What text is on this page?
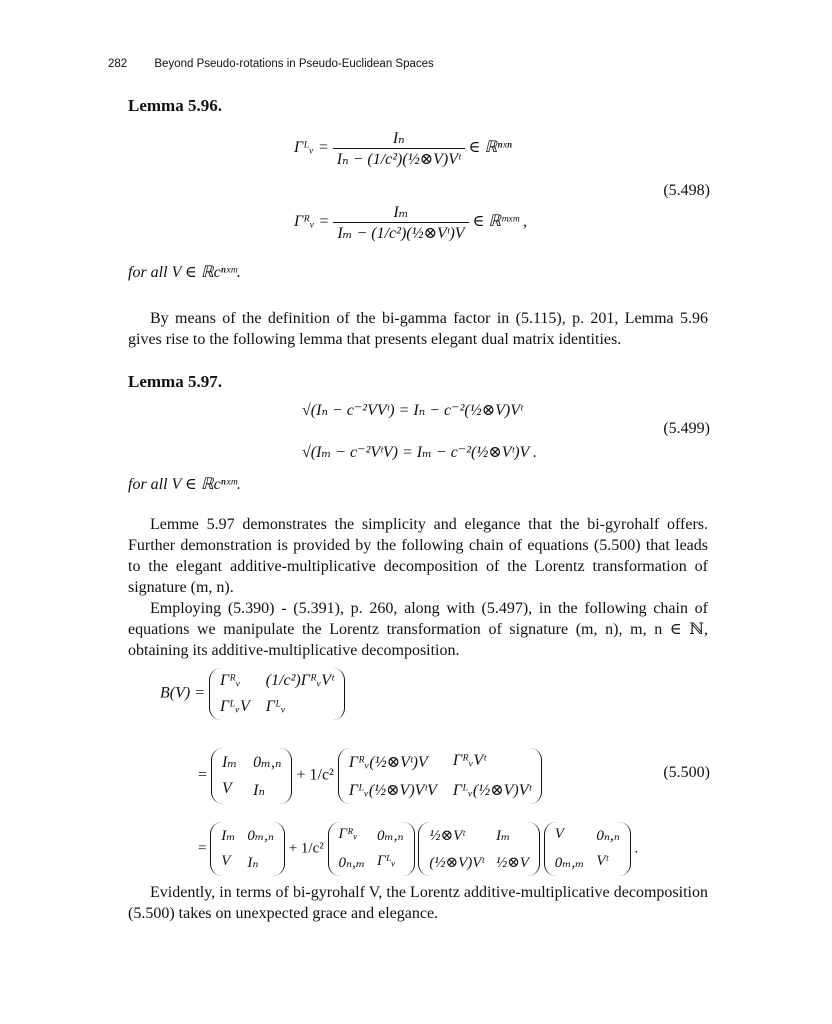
282 Beyond Pseudo-rotations in Pseudo-Euclidean Spaces
Lemma 5.96.
Γᴸᵥ = $\frac{\text{Iₙ}}{\text{Iₙ − (1/c²)(½⊗V)Vᵗ}}$ ∈ ℝⁿˣⁿ
(5.498)
Γᴿᵥ = $\frac{\text{Iₘ}}{\text{Iₘ − (1/c²)(½⊗Vᵗ)V}}$ ∈ ℝᵐˣᵐ ,
for all V ∈ ℝcⁿˣᵐ.
By means of the definition of the bi-gamma factor in (5.115), p. 201, Lemma 5.96 gives rise to the following lemma that presents elegant dual matrix identities.
Lemma 5.97.
√(Iₙ − c⁻²VVᵗ) = Iₙ − c⁻²(½⊗V)Vᵗ
(5.499)
√(Iₘ − c⁻²VᵗV) = Iₘ − c⁻²(½⊗Vᵗ)V .
for all V ∈ ℝcⁿˣᵐ.
Lemme 5.97 demonstrates the simplicity and elegance that the bi-gyrohalf offers. Further demonstration is provided by the following chain of equations (5.500) that leads to the elegant additive-multiplicative decomposition of the Lorentz transformation of signature (m, n).
Employing (5.390) - (5.391), p. 260, along with (5.497), in the following chain of equations we manipulate the Lorentz transformation of signature (m, n), m, n ∈ ℕ, obtaining its additive-multiplicative decomposition.
B(V) =
Γᴿᵥ	(1/c²)ΓᴿᵥVᵗ
ΓᴸᵥV Γᴸᵥ
=
Iₘ 0ₘ,ₙ
V	Iₙ
+ 1/c²
Γᴿᵥ(½⊗Vᵗ)V	ΓᴿᵥVᵗ
Γᴸᵥ(½⊗V)VᵗV Γᴸᵥ(½⊗V)Vᵗ
(5.500)
=
Iₘ 0ₘ,ₙ
V	Iₙ
+ 1/c²
Γᴿᵥ	0ₘ,ₙ
0ₙ,ₘ Γᴸᵥ

½⊗Vᵗ	Iₘ
(½⊗V)Vᵗ ½⊗V

V	0ₙ,ₙ
0ₘ,ₘ Vᵗ
.
Evidently, in terms of bi-gyrohalf V, the Lorentz additive-multiplicative decomposition (5.500) takes on unexpected grace and elegance.
